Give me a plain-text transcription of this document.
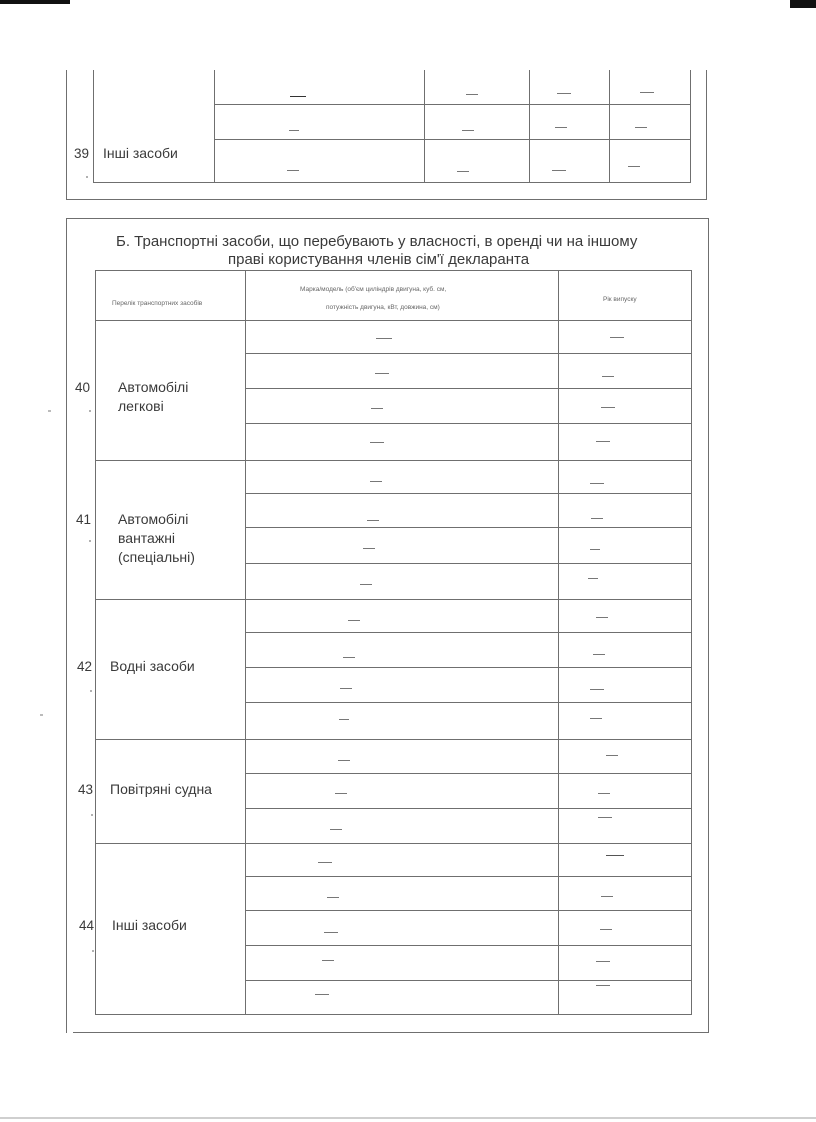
39 Інші засоби
Б. Транспортні засоби, що перебувають у власності, в оренді чи на іншому
праві користування членів сім'ї декларанта
Перелік транспортних засобів
Марка/модель (об'єм циліндрів двигуна, куб. см,
потужність двигуна, кВт, довжина, см)
Рік випуску
40 Автомобілі легкові
41 Автомобілі вантажні (спеціальні)
42 Водні засоби
43 Повітряні судна
44 Інші засоби
